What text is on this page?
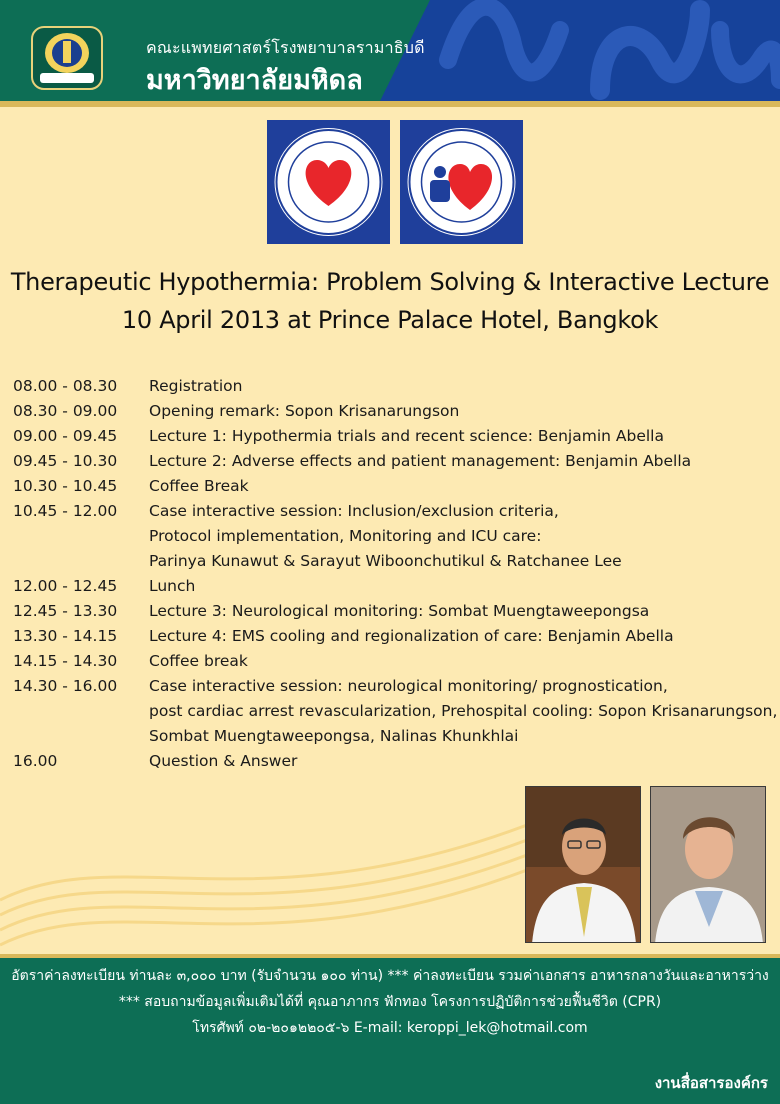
คณะแพทยศาสตร์โรงพยาบาลรามาธิบดี
มหาวิทยาลัยมหิดล
Therapeutic Hypothermia: Problem Solving & Interactive Lecture
10 April 2013 at Prince Palace Hotel, Bangkok
08.00 - 08.30	Registration
08.30 - 09.00	Opening remark: Sopon Krisanarungson
09.00 - 09.45	Lecture 1: Hypothermia trials and recent science: Benjamin Abella
09.45 - 10.30	Lecture 2: Adverse effects and patient management: Benjamin Abella
10.30 - 10.45	Coffee Break
10.45 - 12.00	Case interactive session: Inclusion/exclusion criteria,
Protocol implementation, Monitoring and ICU care:
Parinya Kunawut & Sarayut Wiboonchutikul & Ratchanee Lee
12.00 - 12.45	Lunch
12.45 - 13.30	Lecture 3: Neurological monitoring: Sombat Muengtaweepongsa
13.30 - 14.15	Lecture 4: EMS cooling and regionalization of care: Benjamin Abella
14.15 - 14.30	Coffee break
14.30 - 16.00	Case interactive session: neurological monitoring/ prognostication,
post cardiac arrest revascularization, Prehospital cooling: Sopon Krisanarungson,
Sombat Muengtaweepongsa, Nalinas Khunkhlai
16.00	Question & Answer
อัตราค่าลงทะเบียน ท่านละ ๓,๐๐๐ บาท (รับจำนวน ๑๐๐ ท่าน) *** ค่าลงทะเบียน รวมค่าเอกสาร อาหารกลางวันและอาหารว่าง
*** สอบถามข้อมูลเพิ่มเติมได้ที่ คุณอาภากร ฟักทอง โครงการปฏิบัติการช่วยฟื้นชีวิต (CPR)
โทรศัพท์ ๐๒-๒๐๑๒๒๐๕-๖ E-mail: keroppi_lek@hotmail.com
งานสื่อสารองค์กร
